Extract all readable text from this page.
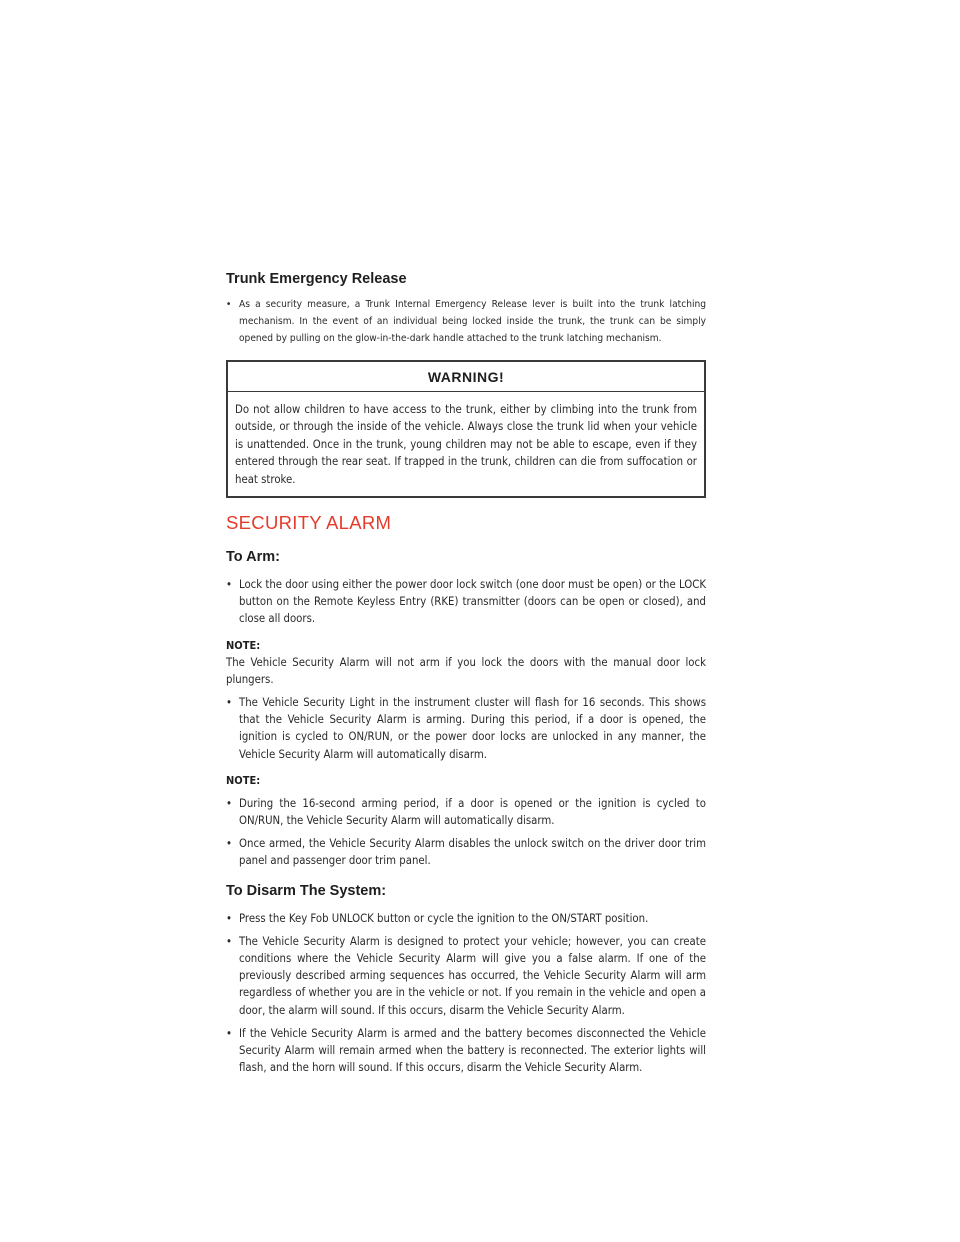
Trunk Emergency Release
• As a security measure, a Trunk Internal Emergency Release lever is built into the trunk latching mechanism. In the event of an individual being locked inside the trunk, the trunk can be simply opened by pulling on the glow-in-the-dark handle attached to the trunk latching mechanism.
WARNING!
Do not allow children to have access to the trunk, either by climbing into the trunk from outside, or through the inside of the vehicle. Always close the trunk lid when your vehicle is unattended. Once in the trunk, young children may not be able to escape, even if they entered through the rear seat. If trapped in the trunk, children can die from suffocation or heat stroke.
SECURITY ALARM
To Arm:
• Lock the door using either the power door lock switch (one door must be open) or the LOCK button on the Remote Keyless Entry (RKE) transmitter (doors can be open or closed), and close all doors.

NOTE:

The Vehicle Security Alarm will not arm if you lock the doors with the manual door lock plungers.

• The Vehicle Security Light in the instrument cluster will flash for 16 seconds. This shows that the Vehicle Security Alarm is arming. During this period, if a door is opened, the ignition is cycled to ON/RUN, or the power door locks are unlocked in any manner, the Vehicle Security Alarm will automatically disarm.

NOTE:

• During the 16-second arming period, if a door is opened or the ignition is cycled to ON/RUN, the Vehicle Security Alarm will automatically disarm.
• Once armed, the Vehicle Security Alarm disables the unlock switch on the driver door trim panel and passenger door trim panel.
To Disarm The System:
• Press the Key Fob UNLOCK button or cycle the ignition to the ON/START position.
• The Vehicle Security Alarm is designed to protect your vehicle; however, you can create conditions where the Vehicle Security Alarm will give you a false alarm. If one of the previously described arming sequences has occurred, the Vehicle Security Alarm will arm regardless of whether you are in the vehicle or not. If you remain in the vehicle and open a door, the alarm will sound. If this occurs, disarm the Vehicle Security Alarm.
• If the Vehicle Security Alarm is armed and the battery becomes disconnected the Vehicle Security Alarm will remain armed when the battery is reconnected. The exterior lights will flash, and the horn will sound. If this occurs, disarm the Vehicle Security Alarm.
